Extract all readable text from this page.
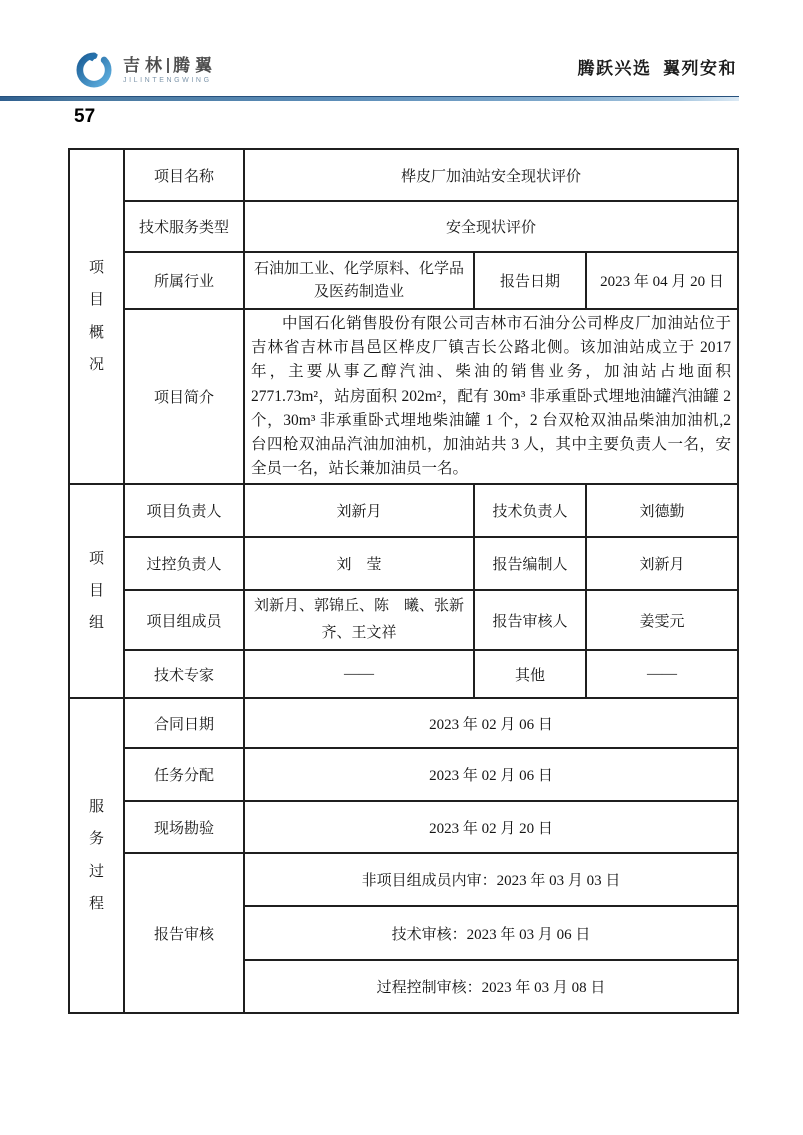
吉林 腾翼
JILINTENGWING
腾跃兴选  翼列安和
57
项目概况	项目名称	桦皮厂加油站安全现状评价		
	技术服务类型	安全现状评价		
	所属行业	石油加工业、化学原料、化学品及医药制造业	报告日期	2023 年 04 月 20 日
	项目简介	中国石化销售股份有限公司吉林市石油分公司桦皮厂加油站位于吉林省吉林市昌邑区桦皮厂镇吉长公路北侧。该加油站成立于 2017 年，主要从事乙醇汽油、柴油的销售业务，加油站占地面积 2771.73m²，站房面积 202m²，配有 30m³ 非承重卧式埋地油罐汽油罐 2 个，30m³ 非承重卧式埋地柴油罐 1 个，2 台双枪双油品柴油加油机,2 台四枪双油品汽油加油机，加油站共 3 人，其中主要负责人一名，安全员一名，站长兼加油员一名。		

项目组	项目负责人	刘新月	技术负责人	刘德勤
	过控负责人	刘　莹	报告编制人	刘新月
	项目组成员	刘新月、郭锦丘、陈　曦、张新齐、王文祥	报告审核人	姜雯元
	技术专家	——	其他	——

服务过程	合同日期	2023 年 02 月 06 日		
	任务分配	2023 年 02 月 06 日		
	现场勘验	2023 年 02 月 20 日		
	报告审核	非项目组成员内审：2023 年 03 月 03 日		
		技术审核：2023 年 03 月 06 日		
		过程控制审核：2023 年 03 月 08 日		
